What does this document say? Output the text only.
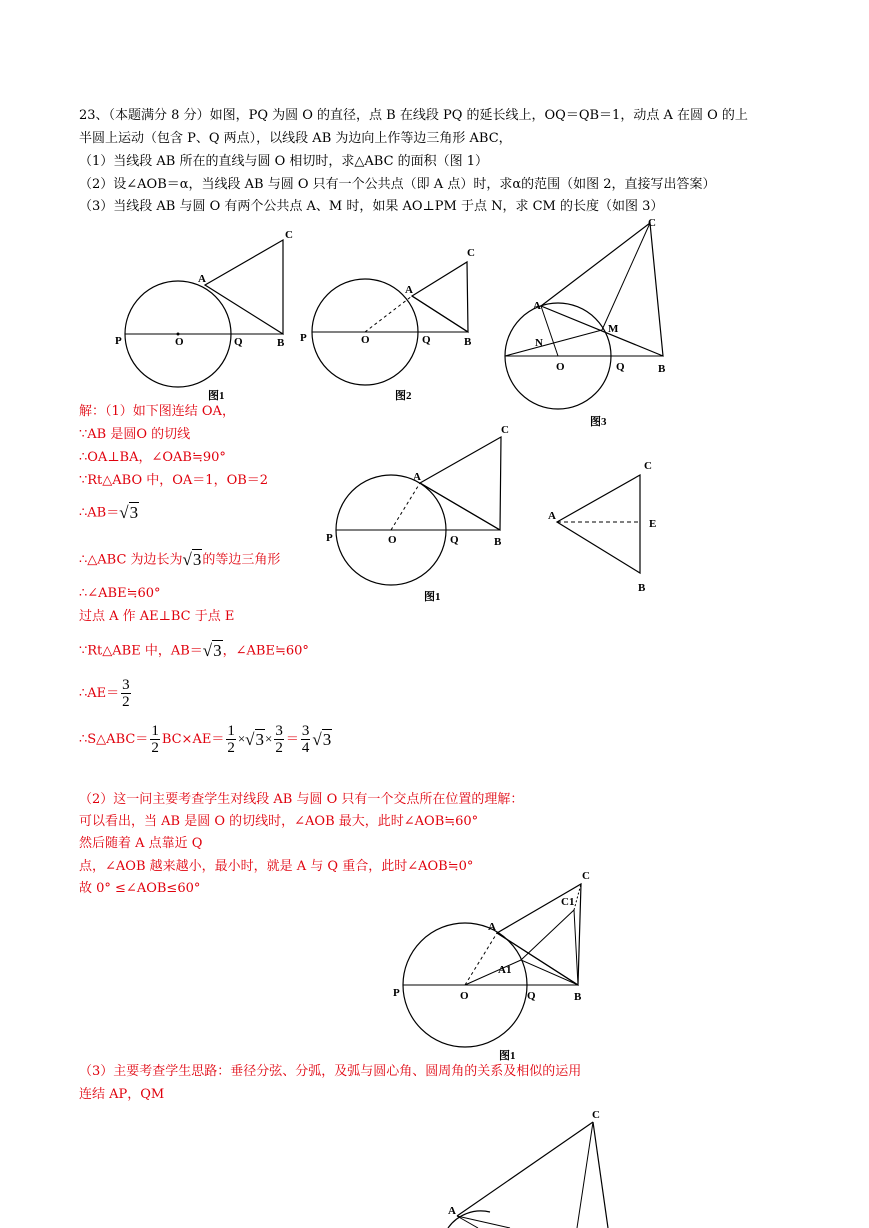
23、（本题满分 8 分）如图，PQ 为圆 O 的直径，点 B 在线段 PQ 的延长线上，OQ＝QB＝1，动点 A 在圆 O 的上
半圆上运动（包含 P、Q 两点），以线段 AB 为边向上作等边三角形 ABC，
（1）当线段 AB 所在的直线与圆 O 相切时，求△ABC 的面积（图 1）
（2）设∠AOB＝α，当线段 AB 与圆 O 只有一个公共点（即 A 点）时，求α的范围（如图 2，直接写出答案）
（3）当线段 AB 与圆 O 有两个公共点 A、M 时，如果 AO⊥PM 于点 N，求 CM 的长度（如图 3）
C
A
P	O	Q	B
图1
C
A
P	O	Q	B
图2
C
A
M
N
O	Q	B
图3
解：（1）如下图连结 OA，
∵AB 是圆O 的切线
∴OA⊥BA，∠OAB≒90°
∵Rt△ABO 中，OA＝1，OB＝2
∴AB＝√3
∴△ABC 为边长为√3的等边三角形
∴∠ABE≒60°
过点 A 作 AE⊥BC 于点 E
∵Rt△ABE 中，AB＝√3，∠ABE≒60°
∴AE＝ $\frac{3}{2}$
∴S△ABC＝ $\frac{1}{2} BC\times AE= \frac{1}{2} \times√3\times \frac{3}{2} = \frac{3}{4} √3$
C
A
P	O	Q	B
图1
C
A
E
B
（2）这一问主要考查学生对线段 AB 与圆 O 只有一个交点所在位置的理解：
可以看出，当 AB 是圆 O 的切线时，∠AOB 最大，此时∠AOB≒60°
然后随着 A 点靠近 Q
点，∠AOB 越来越小，最小时，就是 A 与 Q 重合，此时∠AOB≒0°
故 0° ≤∠AOB≤60°
C
C1
A
A1
P	O	Q	B
图1
（3）主要考查学生思路：垂径分弦、分弧，及弧与圆心角、圆周角的关系及相似的运用
连结 AP，QM
C
A
